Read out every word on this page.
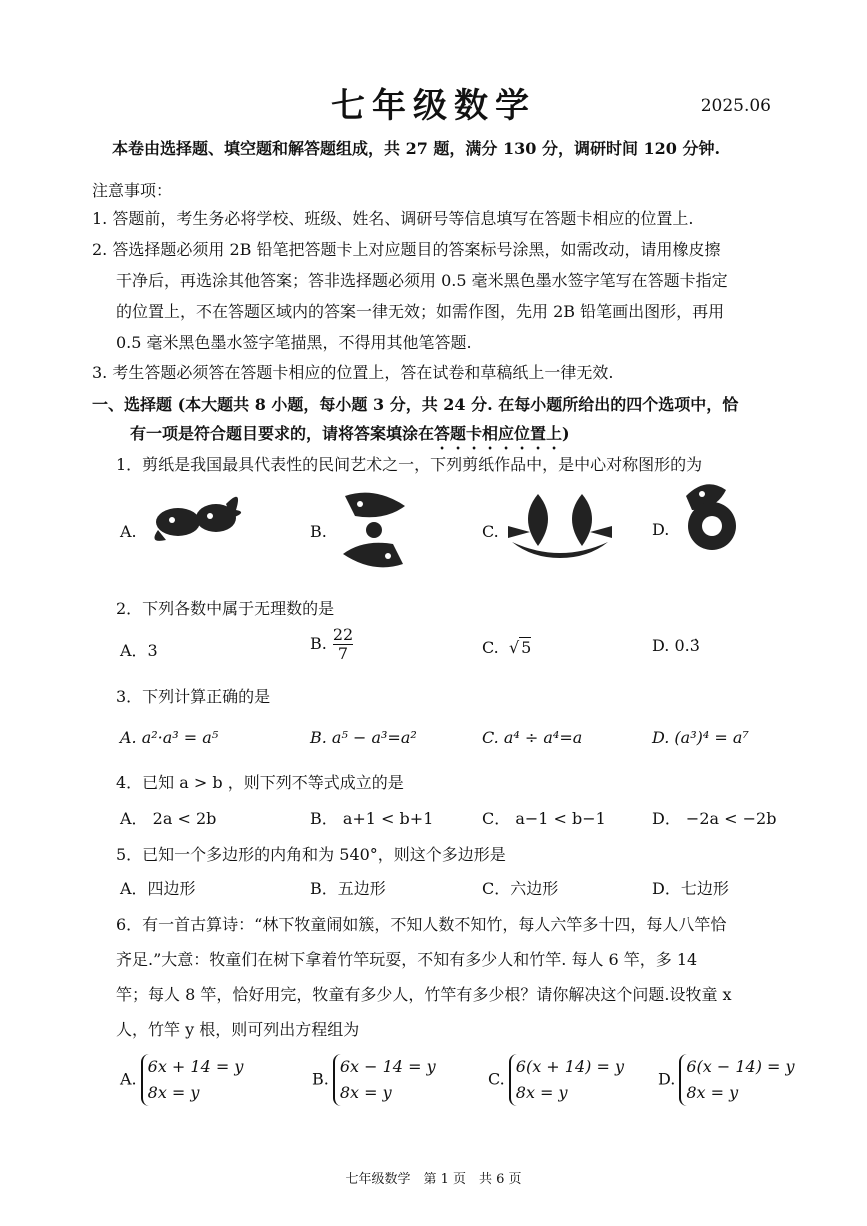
七年级数学	2025.06
本卷由选择题、填空题和解答题组成，共 27 题，满分 130 分，调研时间 120 分钟.
注意事项：
1. 答题前，考生务必将学校、班级、姓名、调研号等信息填写在答题卡相应的位置上.
2. 答选择题必须用 2B 铅笔把答题卡上对应题目的答案标号涂黑，如需改动，请用橡皮擦
干净后，再选涂其他答案；答非选择题必须用 0.5 毫米黑色墨水签字笔写在答题卡指定
的位置上，不在答题区域内的答案一律无效；如需作图，先用 2B 铅笔画出图形，再用
0.5 毫米黑色墨水签字笔描黑，不得用其他笔答题.
3. 考生答题必须答在答题卡相应的位置上，答在试卷和草稿纸上一律无效.
一、选择题 (本大题共 8 小题，每小题 3 分，共 24 分. 在每小题所给出的四个选项中，恰
有一项是符合题目要求的，请将答案填涂在答题卡相应位置上)
1．剪纸是我国最具代表性的民间艺术之一，下列剪纸作品中，是中心对称图形的为
A.	B.	C.	D.
2．下列各数中属于无理数的是
A．3	B. $\frac{22}{7}$	C. √ 5	D. 0.3̇
3．下列计算正确的是
A. a²·a³ = a⁵	B. a⁵ − a³=a²	C. a⁴ ÷ a⁴=a	D. (a³)⁴ = a⁷
4．已知 a > b ，则下列不等式成立的是
A． 2a < 2b	B． a+1 < b+1	C． a−1 < b−1	D． −2a < −2b
5．已知一个多边形的内角和为 540°，则这个多边形是
A．四边形	B．五边形	C．六边形	D．七边形
6．有一首古算诗：“林下牧童闹如簇，不知人数不知竹，每人六竿多十四，每人八竿恰
齐足.”大意：牧童们在树下拿着竹竿玩耍，不知有多少人和竹竿. 每人 6 竿，多 14
竿；每人 8 竿，恰好用完，牧童有多少人，竹竿有多少根？请你解决这个问题.设牧童 x
人，竹竿 y 根，则可列出方程组为
A.
6x + 14 = y
8x = y
B.
6x − 14 = y
8x = y
C.
6(x + 14) = y
8x = y
D.
6(x − 14) = y
8x = y
七年级数学　第 1 页　共 6 页
